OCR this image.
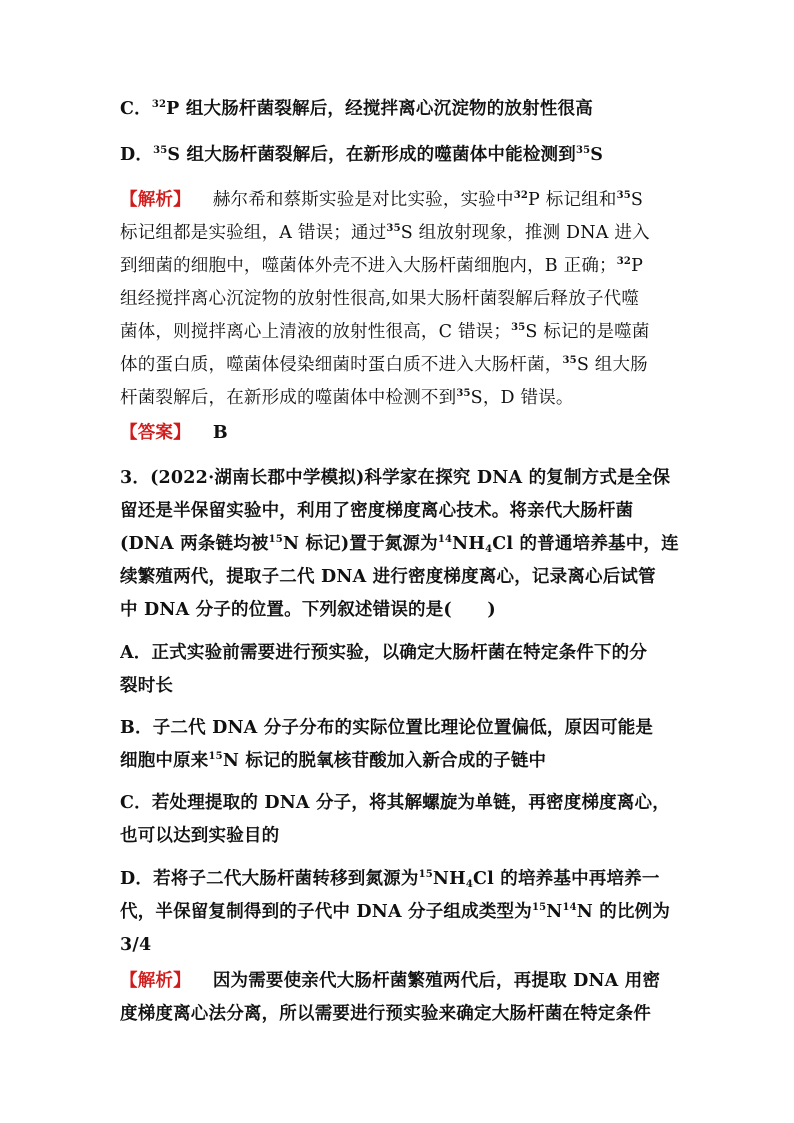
C．$^{32}$P 组大肠杆菌裂解后，经搅拌离心沉淀物的放射性很高
D．$^{35}$S 组大肠杆菌裂解后，在新形成的噬菌体中能检测到$^{35}$S
【解析】 赫尔希和蔡斯实验是对比实验，实验中$^{32}$P 标记组和$^{35}$S
标记组都是实验组，A 错误；通过$^{35}$S 组放射现象，推测 DNA 进入
到细菌的细胞中，噬菌体外壳不进入大肠杆菌细胞内，B 正确；$^{32}$P
组经搅拌离心沉淀物的放射性很高,如果大肠杆菌裂解后释放子代噬
菌体，则搅拌离心上清液的放射性很高，C 错误；$^{35}$S 标记的是噬菌
体的蛋白质，噬菌体侵染细菌时蛋白质不进入大肠杆菌，$^{35}$S 组大肠
杆菌裂解后，在新形成的噬菌体中检测不到$^{35}$S，D 错误。
【答案】 B
3．(2022·湖南长郡中学模拟)科学家在探究 DNA 的复制方式是全保
留还是半保留实验中，利用了密度梯度离心技术。将亲代大肠杆菌
(DNA 两条链均被$^{15}$N 标记)置于氮源为$^{14}NH_4Cl$ 的普通培养基中，连
续繁殖两代，提取子二代 DNA 进行密度梯度离心，记录离心后试管
中 DNA 分子的位置。下列叙述错误的是(　　)
A．正式实验前需要进行预实验，以确定大肠杆菌在特定条件下的分
裂时长
B．子二代 DNA 分子分布的实际位置比理论位置偏低，原因可能是
细胞中原来$^{15}$N 标记的脱氧核苷酸加入新合成的子链中
C．若处理提取的 DNA 分子，将其解螺旋为单链，再密度梯度离心，
也可以达到实验目的
D．若将子二代大肠杆菌转移到氮源为$^{15}NH_4Cl$ 的培养基中再培养一
代，半保留复制得到的子代中 DNA 分子组成类型为$^{15}N^{14}N$ 的比例为
3/4
【解析】 因为需要使亲代大肠杆菌繁殖两代后，再提取 DNA 用密
度梯度离心法分离，所以需要进行预实验来确定大肠杆菌在特定条件
